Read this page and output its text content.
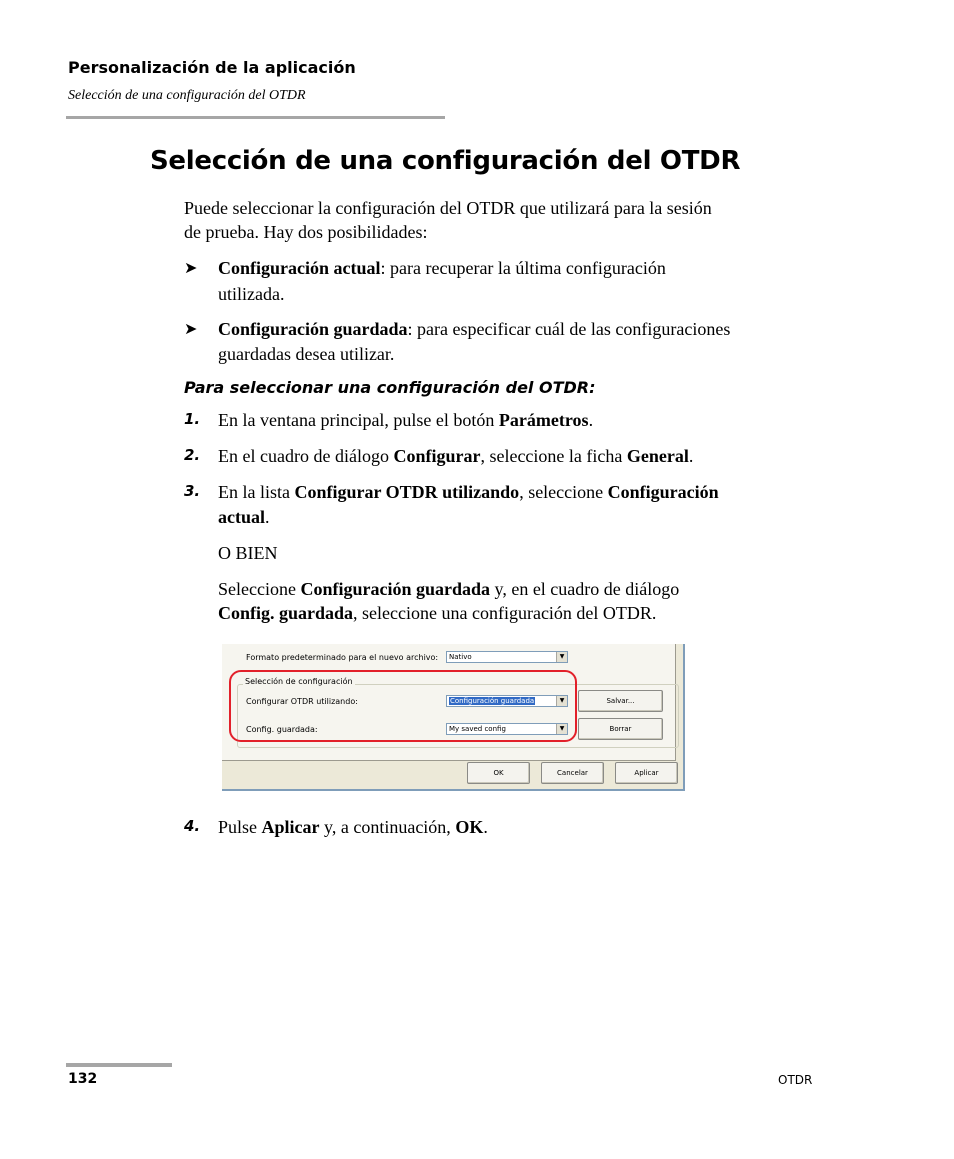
Personalización de la aplicación
Selección de una configuración del OTDR
Selección de una configuración del OTDR
Puede seleccionar la configuración del OTDR que utilizará para la sesión
de prueba. Hay dos posibilidades:
➤ Configuración actual: para recuperar la última configuración
utilizada.
➤ Configuración guardada: para especificar cuál de las configuraciones
guardadas desea utilizar.
Para seleccionar una configuración del OTDR:
1. En la ventana principal, pulse el botón Parámetros.
2. En el cuadro de diálogo Configurar, seleccione la ficha General.
3. En la lista Configurar OTDR utilizando, seleccione Configuración
actual.
O BIEN
Seleccione Configuración guardada y, en el cuadro de diálogo
Config. guardada, seleccione una configuración del OTDR.
Formato predeterminado para el nuevo archivo:	Nativo	▼
Selección de configuración
Configurar OTDR utilizando:	Configuración guardada	▼	Salvar...
Config. guardada:	My saved config	▼	Borrar
OK	Cancelar	Aplicar
4. Pulse Aplicar y, a continuación, OK.
132	OTDR
